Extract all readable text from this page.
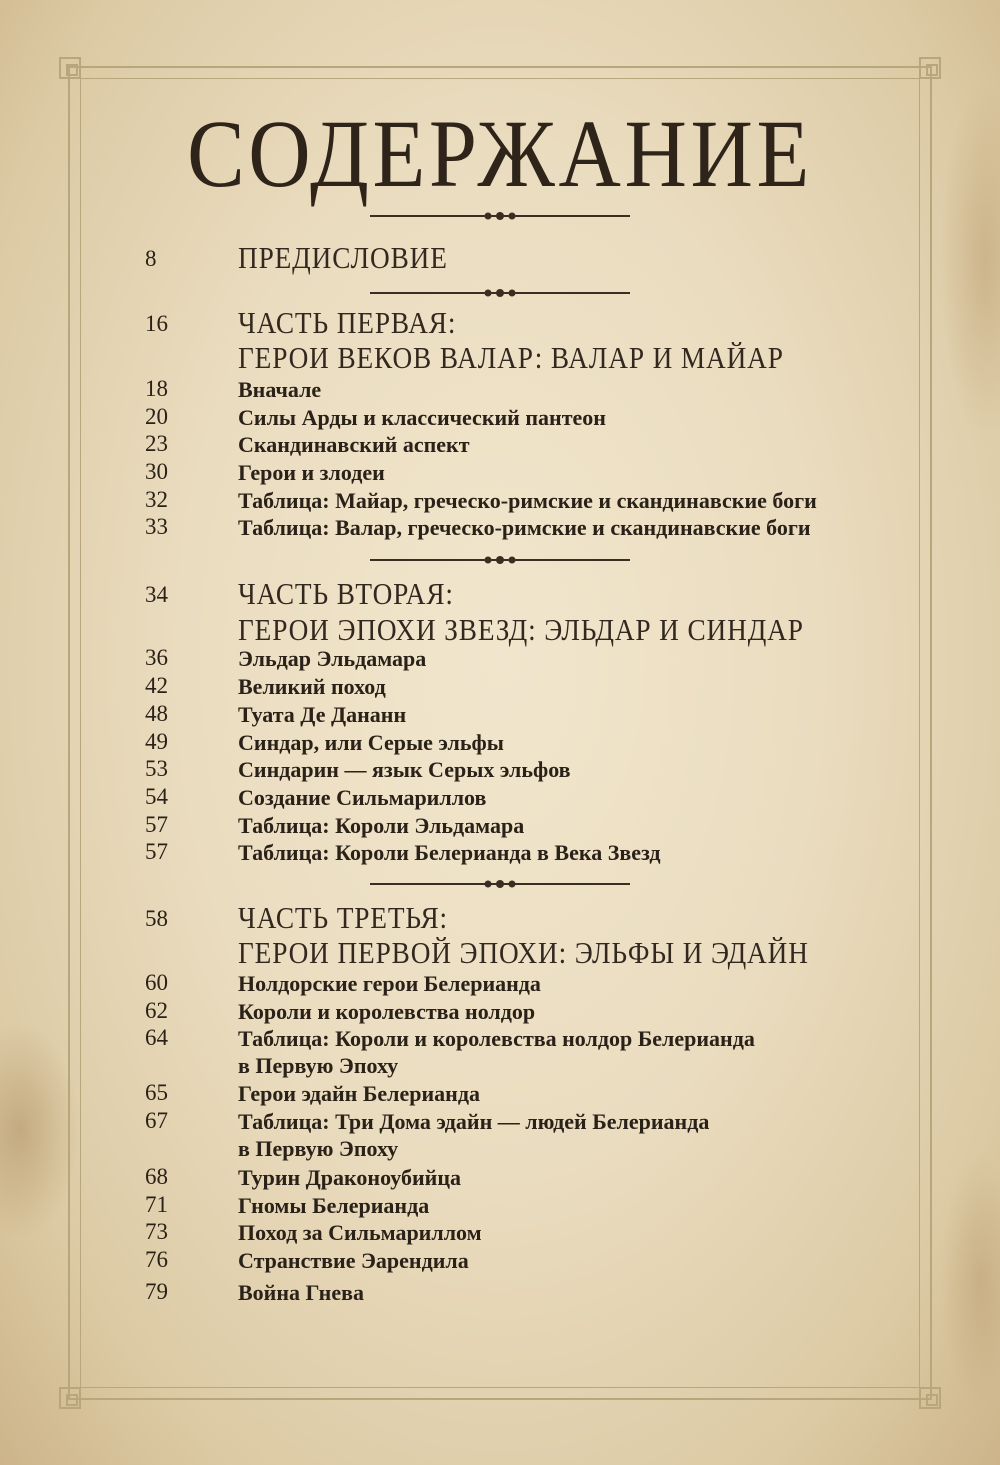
СОДЕРЖАНИЕ
8	ПРЕДИСЛОВИЕ
16	ЧАСТЬ ПЕРВАЯ:
ГЕРОИ ВЕКОВ ВАЛАР: ВАЛАР И МАЙАР
18	Вначале
20	Силы Арды и классический пантеон
23	Скандинавский аспект
30	Герои и злодеи
32	Таблица: Майар, греческо-римские и скандинавские боги
33	Таблица: Валар, греческо-римские и скандинавские боги
34	ЧАСТЬ ВТОРАЯ:
ГЕРОИ ЭПОХИ ЗВЕЗД: ЭЛЬДАР И СИНДАР
36	Эльдар Эльдамара
42	Великий поход
48	Туата Де Дананн
49	Синдар, или Серые эльфы
53	Синдарин — язык Серых эльфов
54	Создание Сильмариллов
57	Таблица: Короли Эльдамара
57	Таблица: Короли Белерианда в Века Звезд
58	ЧАСТЬ ТРЕТЬЯ:
ГЕРОИ ПЕРВОЙ ЭПОХИ: ЭЛЬФЫ И ЭДАЙН
60	Нолдорские герои Белерианда
62	Короли и королевства нолдор
64	Таблица: Короли и королевства нолдор Белерианда
в Первую Эпоху
65	Герои эдайн Белерианда
67	Таблица: Три Дома эдайн — людей Белерианда
в Первую Эпоху
68	Турин Драконоубийца
71	Гномы Белерианда
73	Поход за Сильмариллом
76	Странствие Эарендила
79	Война Гнева
